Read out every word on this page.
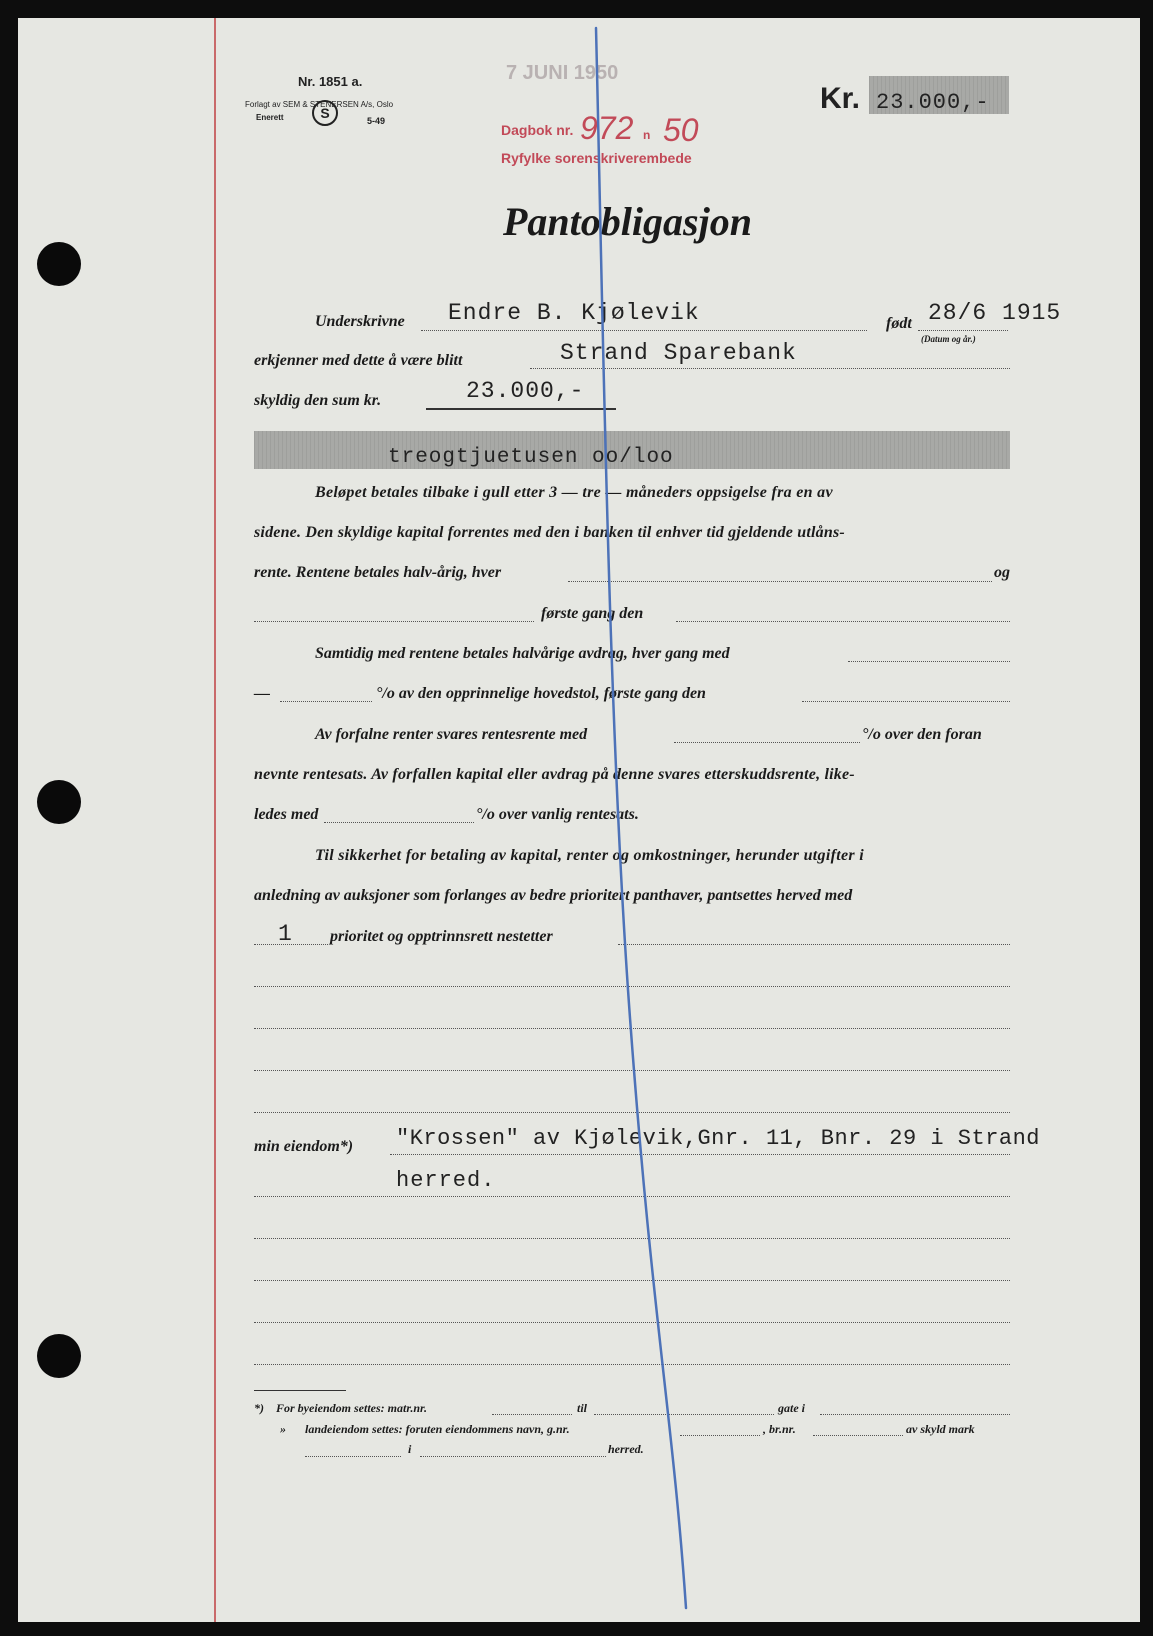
Nr. 1851 a.
Forlagt av SEM & STENERSEN A/s, Oslo
Enerett	S	5-49
7 JUNI 1950
Dagbok nr. 972 n 50
Ryfylke sorenskriverembede
Kr. 23.000,-
Pantobligasjon
Underskrivne Endre B. Kjølevik	født 28/6 1915
(Datum og år.)
erkjenner med dette å være blitt	Strand Sparebank
skyldig den sum kr.	23.000,-
treogtjuetusen oo/loo
Beløpet betales tilbake i gull etter 3 — tre — måneders oppsigelse fra en av
sidene. Den skyldige kapital forrentes med den i banken til enhver tid gjeldende utlåns-
rente. Rentene betales halv-årig, hver	og
første gang den
Samtidig med rentene betales halvårige avdrag, hver gang med
—	°/o av den opprinnelige hovedstol, første gang den
Av forfalne renter svares rentesrente med	°/o over den foran
nevnte rentesats. Av forfallen kapital eller avdrag på denne svares etterskuddsrente, like-
ledes med	°/o over vanlig rentesats.
Til sikkerhet for betaling av kapital, renter og omkostninger, herunder utgifter i
anledning av auksjoner som forlanges av bedre prioritert panthaver, pantsettes herved med
1 prioritet og opptrinnsrett nestetter
min eiendom*) "Krossen" av Kjølevik,Gnr. 11, Bnr. 29 i Strand
herred.
*) For byeiendom settes: matr.nr.	til	gate i
» landeiendom settes: foruten eiendommens navn, g.nr.	, br.nr.	av skyld mark
i	herred.
